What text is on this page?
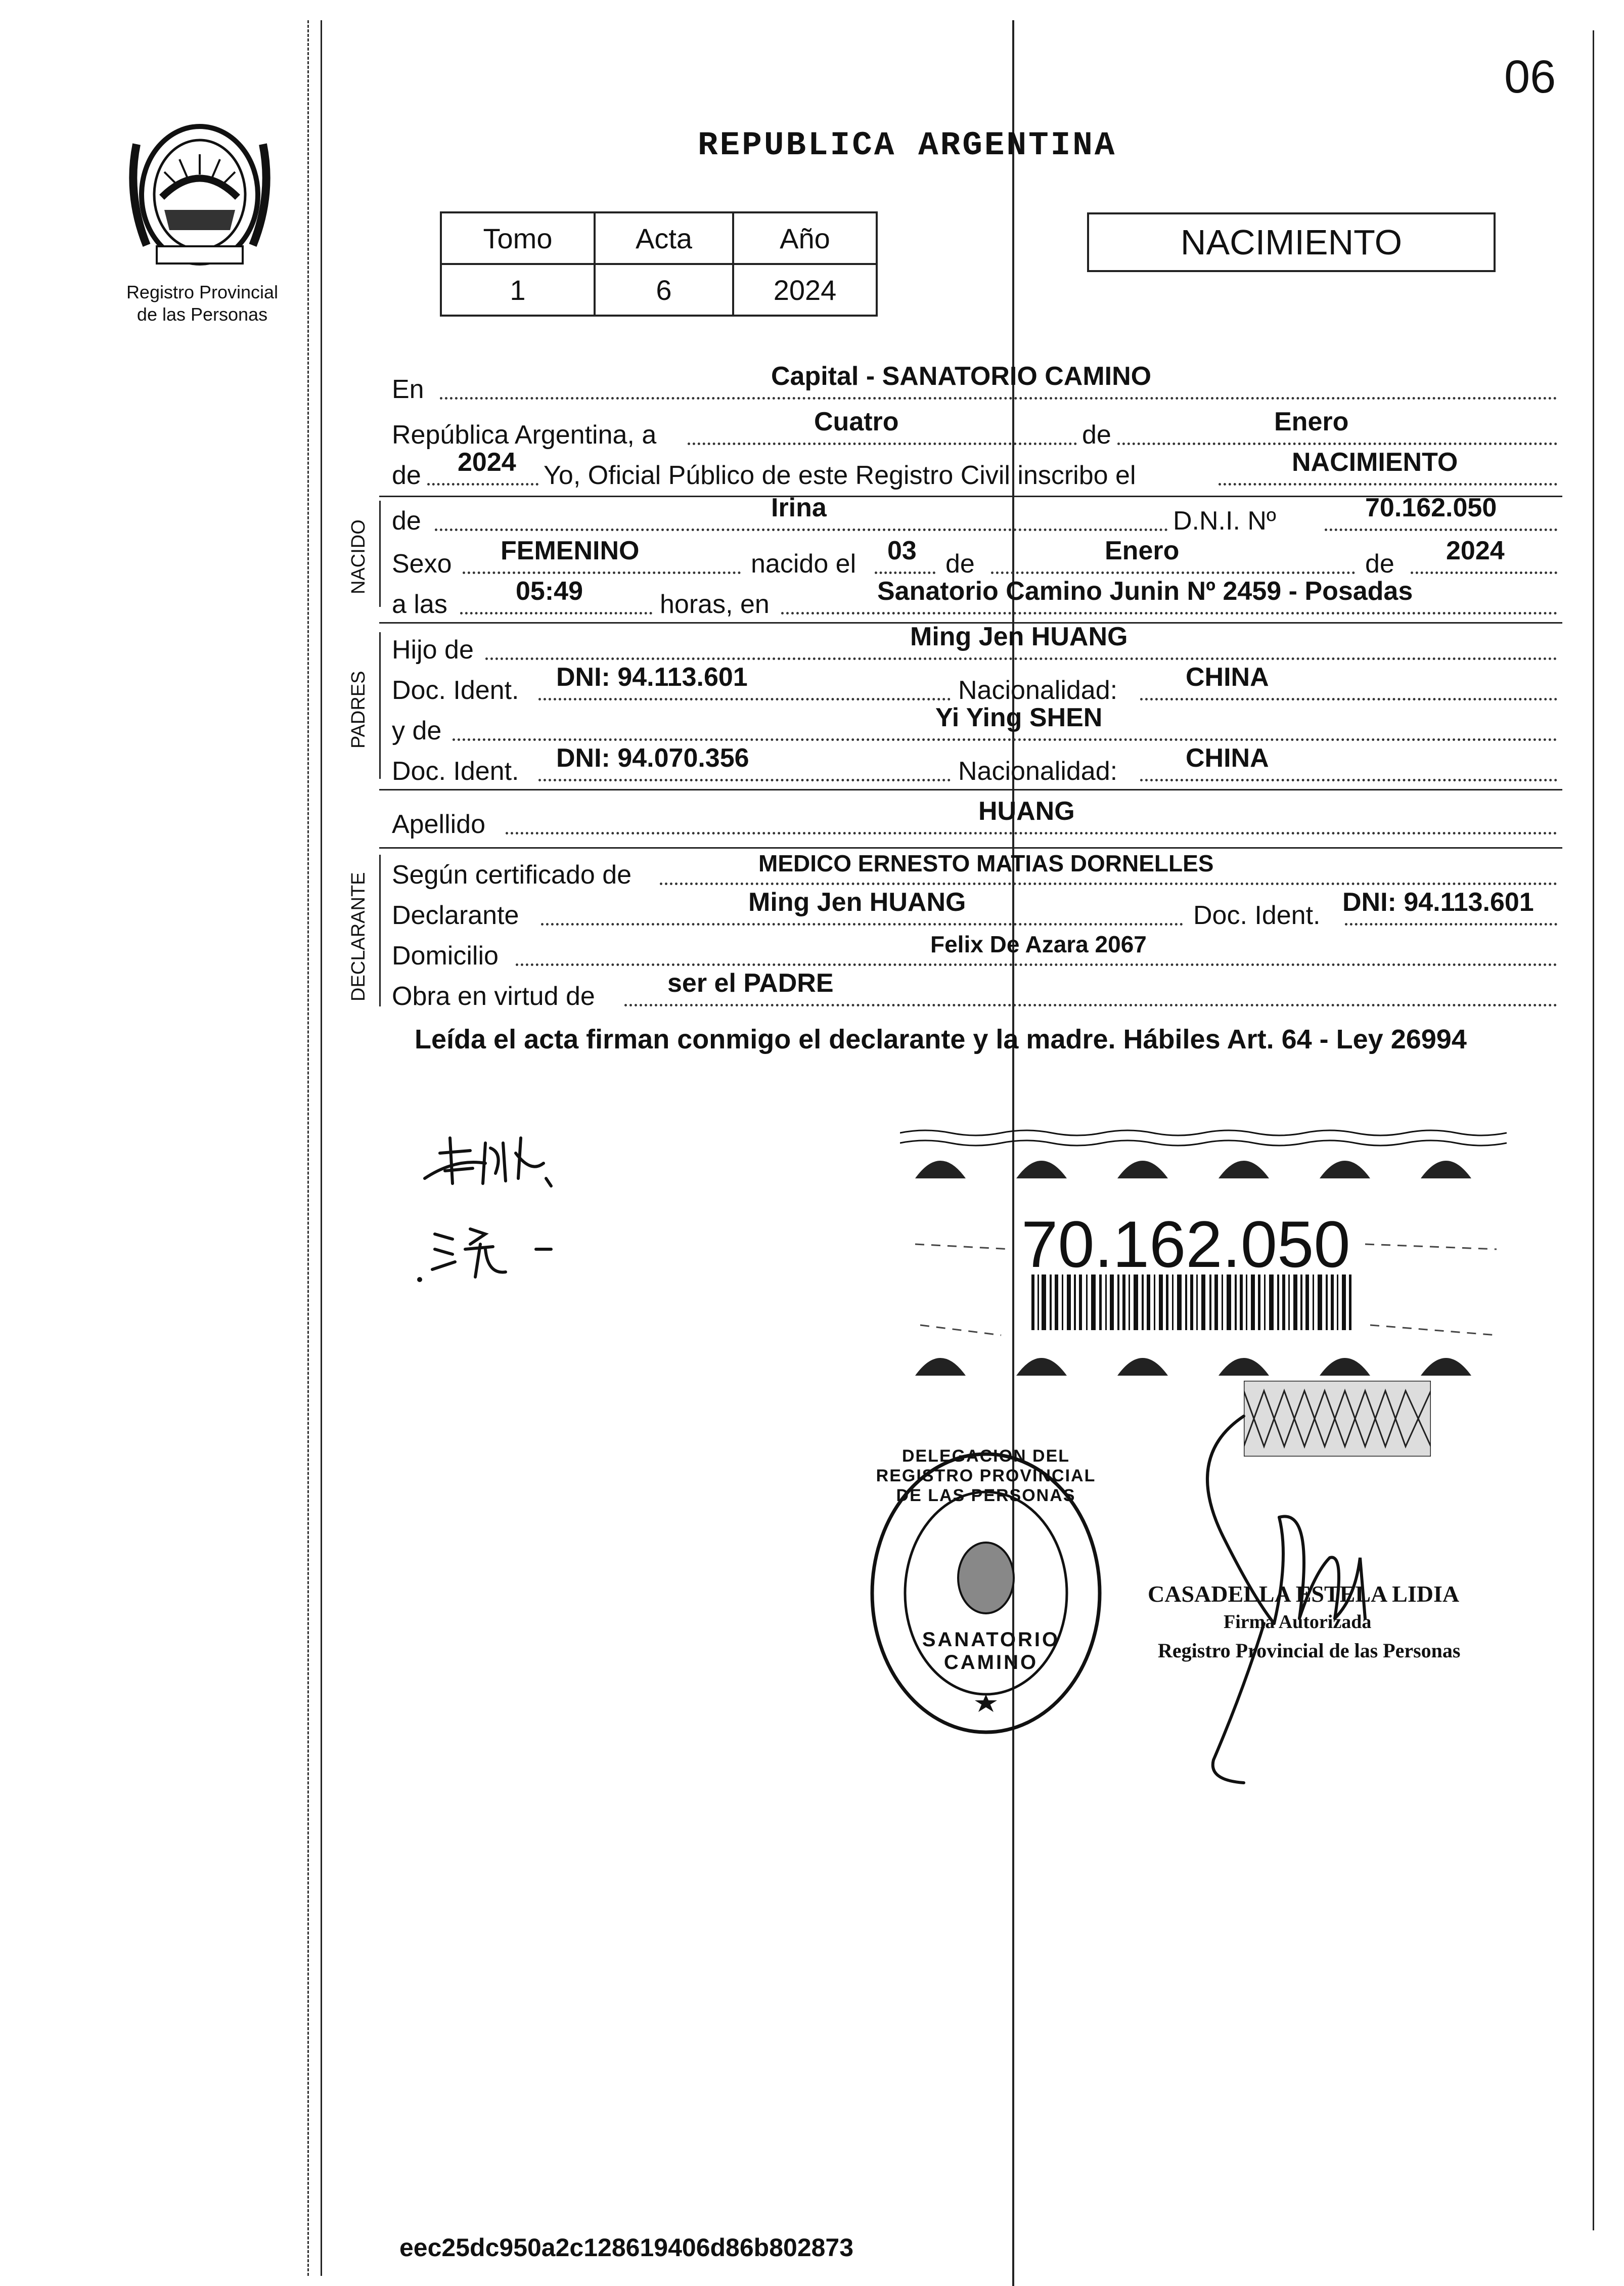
06
Registro Provincial
de las Personas
REPUBLICA ARGENTINA
Tomo	Acta	Año
1	6	2024
NACIMIENTO
En	Capital - SANATORIO CAMINO
República Argentina, a	Cuatro	de	Enero
de 2024 Yo, Oficial Público de este Registro Civil inscribo el	NACIMIENTO
NACIDO de	Irina	D.N.I. Nº	70.162.050
Sexo FEMENINO	nacido el 03 de	Enero	de 2024
a las	05:49	horas, en	Sanatorio Camino Junin Nº 2459 - Posadas
PADRES
Hijo de	Ming Jen HUANG
Doc. Ident. DNI: 94.113.601	Nacionalidad:	CHINA
y de	Yi Ying SHEN
Doc. Ident. DNI: 94.070.356	Nacionalidad:	CHINA
Apellido	HUANG
DECLARANTE Según certificado de	MEDICO ERNESTO MATIAS DORNELLES
Declarante	Ming Jen HUANG	Doc. Ident. DNI: 94.113.601
Domicilio	Felix De Azara 2067
Obra en virtud de	ser el PADRE
Leída el acta firman conmigo el declarante y la madre. Hábiles Art. 64 - Ley 26994
70.162.050
DELEGACION DEL REGISTRO PROVINCIAL DE LAS PERSONAS
SANATORIO CAMINO
CASADELLA ESTELA LIDIA
Firma Autorizada
Registro Provincial de las Personas
eec25dc950a2c128619406d86b802873
